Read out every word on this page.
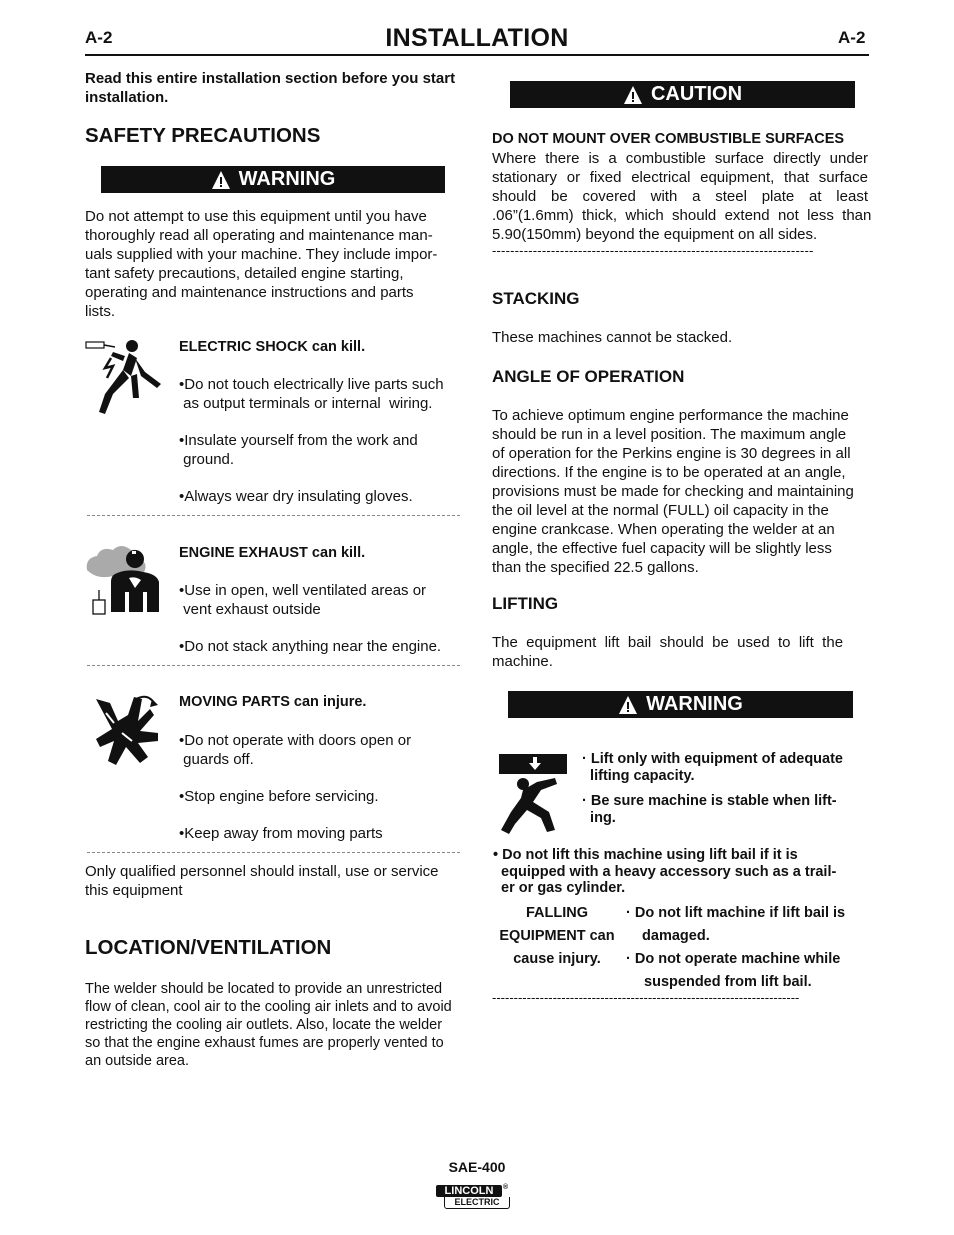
A-2	INSTALLATION	A-2
Read this entire installation section before you start installation.
SAFETY PRECAUTIONS
WARNING
Do not attempt to use this equipment until you have
thoroughly read all operating and maintenance man-
uals supplied with your machine. They include impor-
tant safety precautions, detailed engine starting,
operating and maintenance instructions and parts
lists.
ELECTRIC SHOCK can kill.
•Do not touch electrically live parts such
as output terminals or internal  wiring.
•Insulate yourself from the work and
ground.
•Always wear dry insulating gloves.
ENGINE EXHAUST can kill.
•Use in open, well ventilated areas or
vent exhaust outside
•Do not stack anything near the engine.
MOVING PARTS can injure.
•Do not operate with doors open or
guards off.
•Stop engine before servicing.
•Keep away from moving parts
Only qualified personnel should install, use or service
this equipment
LOCATION/VENTILATION
The welder should be located to provide an unrestricted
flow of clean, cool air to the cooling air inlets and to avoid
restricting the cooling air outlets. Also, locate the welder
so that the engine exhaust fumes are properly vented to
an outside area.
CAUTION
DO NOT MOUNT OVER COMBUSTIBLE SURFACES
Where  there  is  a  combustible  surface  directly  under
stationary  or  fixed  electrical  equipment,  that  surface
should  be  covered  with  a  steel  plate  at  least
.06”(1.6mm)  thick,  which  should  extend  not  less  than
5.90(150mm) beyond the equipment on all sides.
-----------------------------------------------------------------------
STACKING
These machines cannot be stacked.
ANGLE OF OPERATION
To achieve optimum engine performance the machine
should be run in a level position. The maximum angle
of operation for the Perkins engine is 30 degrees in all
directions. If the engine is to be operated at an angle,
provisions must be made for checking and maintaining
the oil level at the normal (FULL) oil capacity in the
engine crankcase. When operating the welder at an
angle, the effective fuel capacity will be slightly less
than the specified 22.5 gallons.
LIFTING
The  equipment  lift  bail  should  be  used  to  lift  the
machine.
WARNING
· Lift only with equipment of adequate
lifting capacity.
· Be sure machine is stable when lift-
ing.
• Do not lift this machine using lift bail if it is
equipped with a heavy accessory such as a trail-
er or gas cylinder.
FALLING
EQUIPMENT can
cause injury.
· Do not lift machine if lift bail is
damaged.
· Do not operate machine while
suspended from lift bail.
-----------------------------------------------------------------------
SAE-400
LINCOLN	®
ELECTRIC
